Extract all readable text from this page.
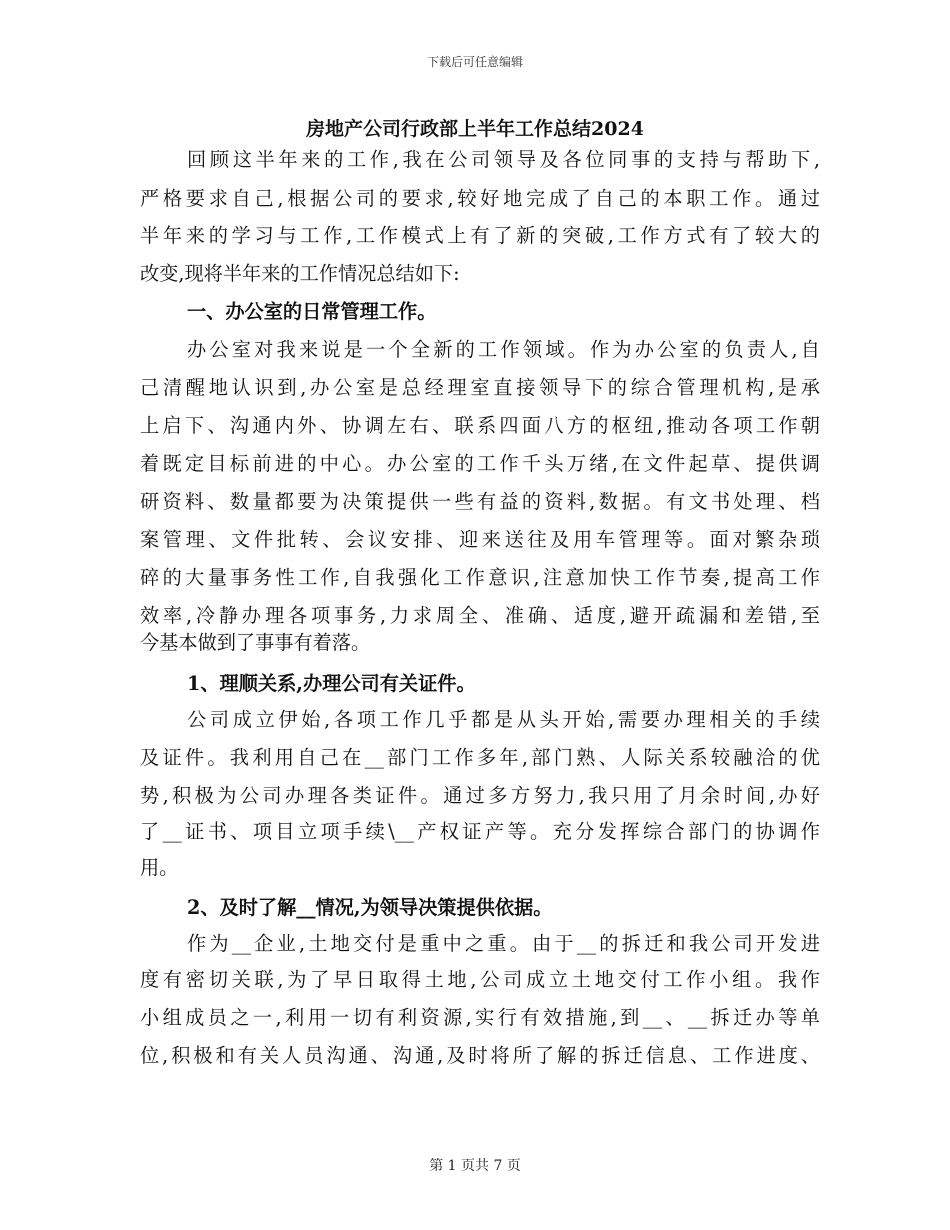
下载后可任意编辑
房地产公司行政部上半年工作总结2024
回顾这半年来的工作,我在公司领导及各位同事的支持与帮助下,
严格要求自己,根据公司的要求,较好地完成了自己的本职工作。通过
半年来的学习与工作,工作模式上有了新的突破,工作方式有了较大的
改变,现将半年来的工作情况总结如下:
一、办公室的日常管理工作。
办公室对我来说是一个全新的工作领域。作为办公室的负责人,自
己清醒地认识到,办公室是总经理室直接领导下的综合管理机构,是承
上启下、沟通内外、协调左右、联系四面八方的枢纽,推动各项工作朝
着既定目标前进的中心。办公室的工作千头万绪,在文件起草、提供调
研资料、数量都要为决策提供一些有益的资料,数据。有文书处理、档
案管理、文件批转、会议安排、迎来送往及用车管理等。面对繁杂琐
碎的大量事务性工作,自我强化工作意识,注意加快工作节奏,提高工作
效率,冷静办理各项事务,力求周全、准确、适度,避开疏漏和差错,至
今基本做到了事事有着落。
1、理顺关系,办理公司有关证件。
公司成立伊始,各项工作几乎都是从头开始,需要办理相关的手续
及证件。我利用自己在__部门工作多年,部门熟、人际关系较融洽的优
势,积极为公司办理各类证件。通过多方努力,我只用了月余时间,办好
了__证书、项目立项手续\__产权证产等。充分发挥综合部门的协调作
用。
2、及时了解__情况,为领导决策提供依据。
作为__企业,土地交付是重中之重。由于__的拆迁和我公司开发进
度有密切关联,为了早日取得土地,公司成立土地交付工作小组。我作
小组成员之一,利用一切有利资源,实行有效措施,到__、__拆迁办等单
位,积极和有关人员沟通、沟通,及时将所了解的拆迁信息、工作进度、
第 1 页共 7 页
